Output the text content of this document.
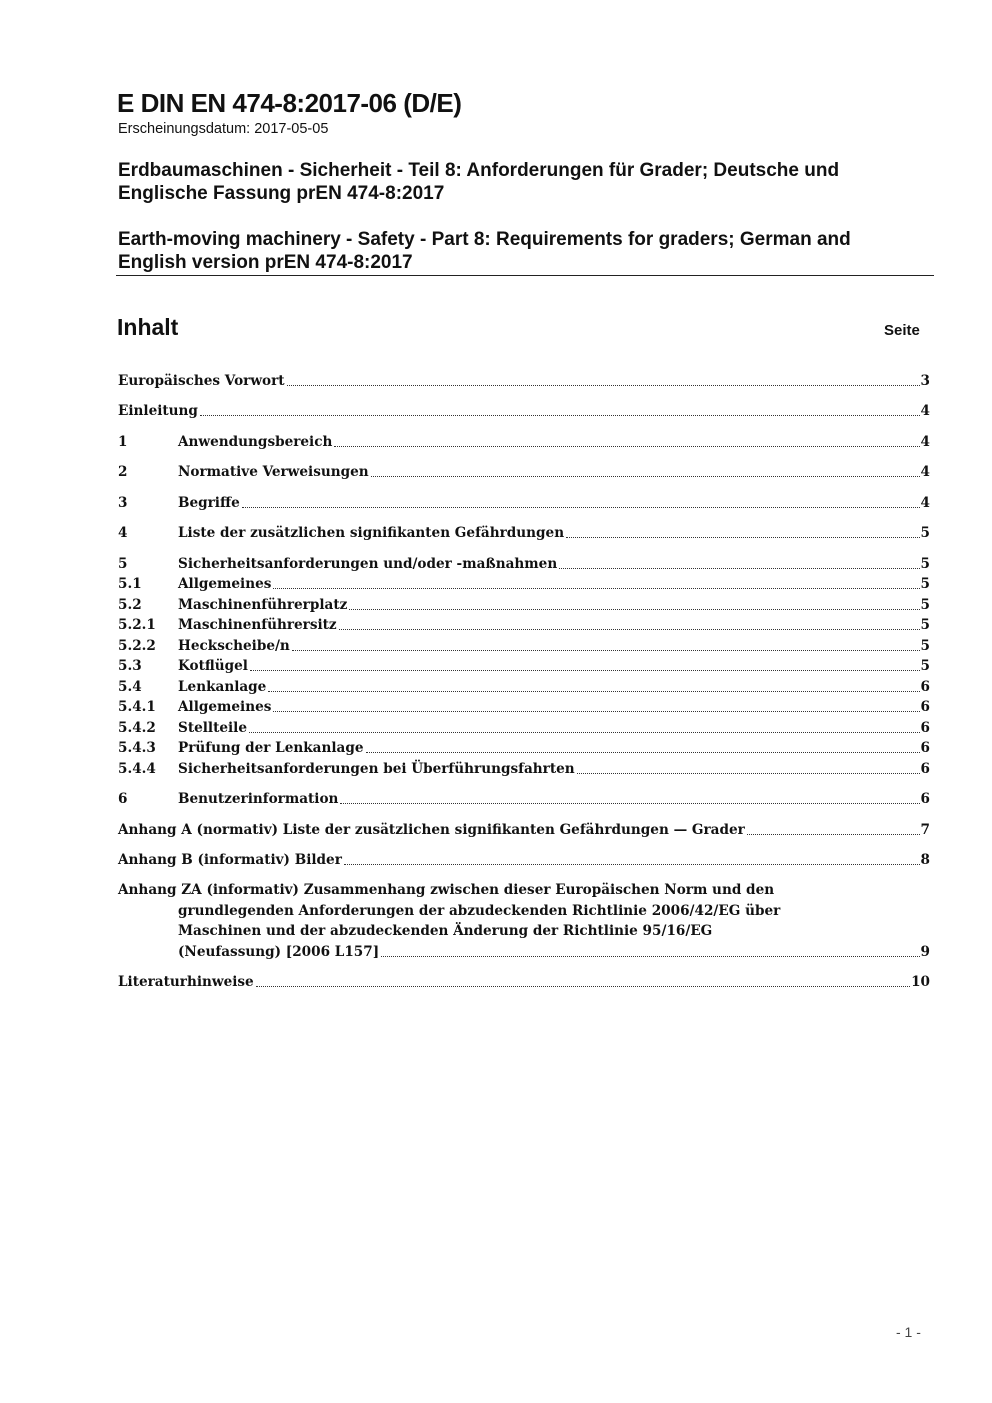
E DIN EN 474-8:2017-06 (D/E)
Erscheinungsdatum: 2017-05-05

Erdbaumaschinen - Sicherheit - Teil 8: Anforderungen für Grader; Deutsche und
Englische Fassung prEN 474-8:2017

Earth-moving machinery - Safety - Part 8: Requirements for graders; German and
English version prEN 474-8:2017

Inhalt	Seite
Europäisches Vorwort	3
Einleitung	4
1	Anwendungsbereich	4
2	Normative Verweisungen	4
3	Begriffe	4
4	Liste der zusätzlichen signifikanten Gefährdungen	5
5	Sicherheitsanforderungen und/oder -maßnahmen	5
5.1	Allgemeines	5
5.2	Maschinenführerplatz	5
5.2.1	Maschinenführersitz	5
5.2.2	Heckscheibe/n	5
5.3	Kotflügel	5
5.4	Lenkanlage	6
5.4.1	Allgemeines	6
5.4.2	Stellteile	6
5.4.3	Prüfung der Lenkanlage	6
5.4.4	Sicherheitsanforderungen bei Überführungsfahrten	6
6	Benutzerinformation	6
Anhang A (normativ) Liste der zusätzlichen signifikanten Gefährdungen — Grader	7
Anhang B (informativ) Bilder	8
Anhang ZA (informativ) Zusammenhang zwischen dieser Europäischen Norm und den
grundlegenden Anforderungen der abzudeckenden Richtlinie 2006/42/EG über
Maschinen und der abzudeckenden Änderung der Richtlinie 95/16/EG
(Neufassung) [2006 L157]	9
Literaturhinweise	10
- 1 -
